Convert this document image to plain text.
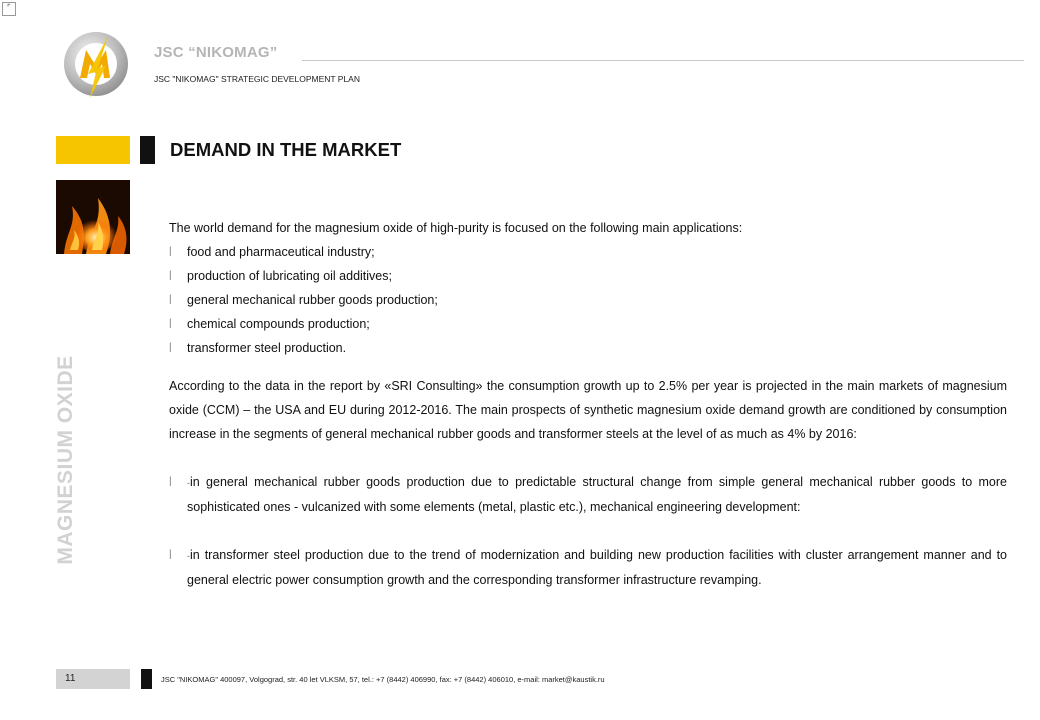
⌜
JSC “NIKOMAG”
JSC "NIKOMAG" STRATEGIC DEVELOPMENT PLAN
DEMAND IN THE MARKET
MAGNESIUM OXIDE

The world demand for the magnesium oxide of high-purity is focused on the following main applications:

l food and pharmaceutical industry;
l production of lubricating oil additives;
l general mechanical rubber goods production;
l chemical compounds production;
l transformer steel production.

According to the data in the report by «SRI Consulting» the consumption growth up to 2.5% per year is projected in the main markets of magnesium oxide (CCM) – the USA and EU during 2012-2016. The main prospects of synthetic magnesium oxide demand growth are conditioned by consumption increase in the segments of general mechanical rubber goods and transformer steels at the level of as much as 4% by 2016:

l	-in general mechanical rubber goods production due to predictable structural change from simple general mechanical rubber goods to more sophisticated ones - vulcanized with some elements (metal, plastic etc.), mechanical engineering development:
l	-in transformer steel production due to the trend of modernization and building new production facilities with cluster arrangement manner and to general electric power consumption growth and the corresponding transformer infrastructure revamping.
11	JSC "NIKOMAG" 400097, Volgograd, str. 40 let VLKSM, 57, tel.: +7 (8442) 406990, fax: +7 (8442) 406010, e-mail: market@kaustik.ru
